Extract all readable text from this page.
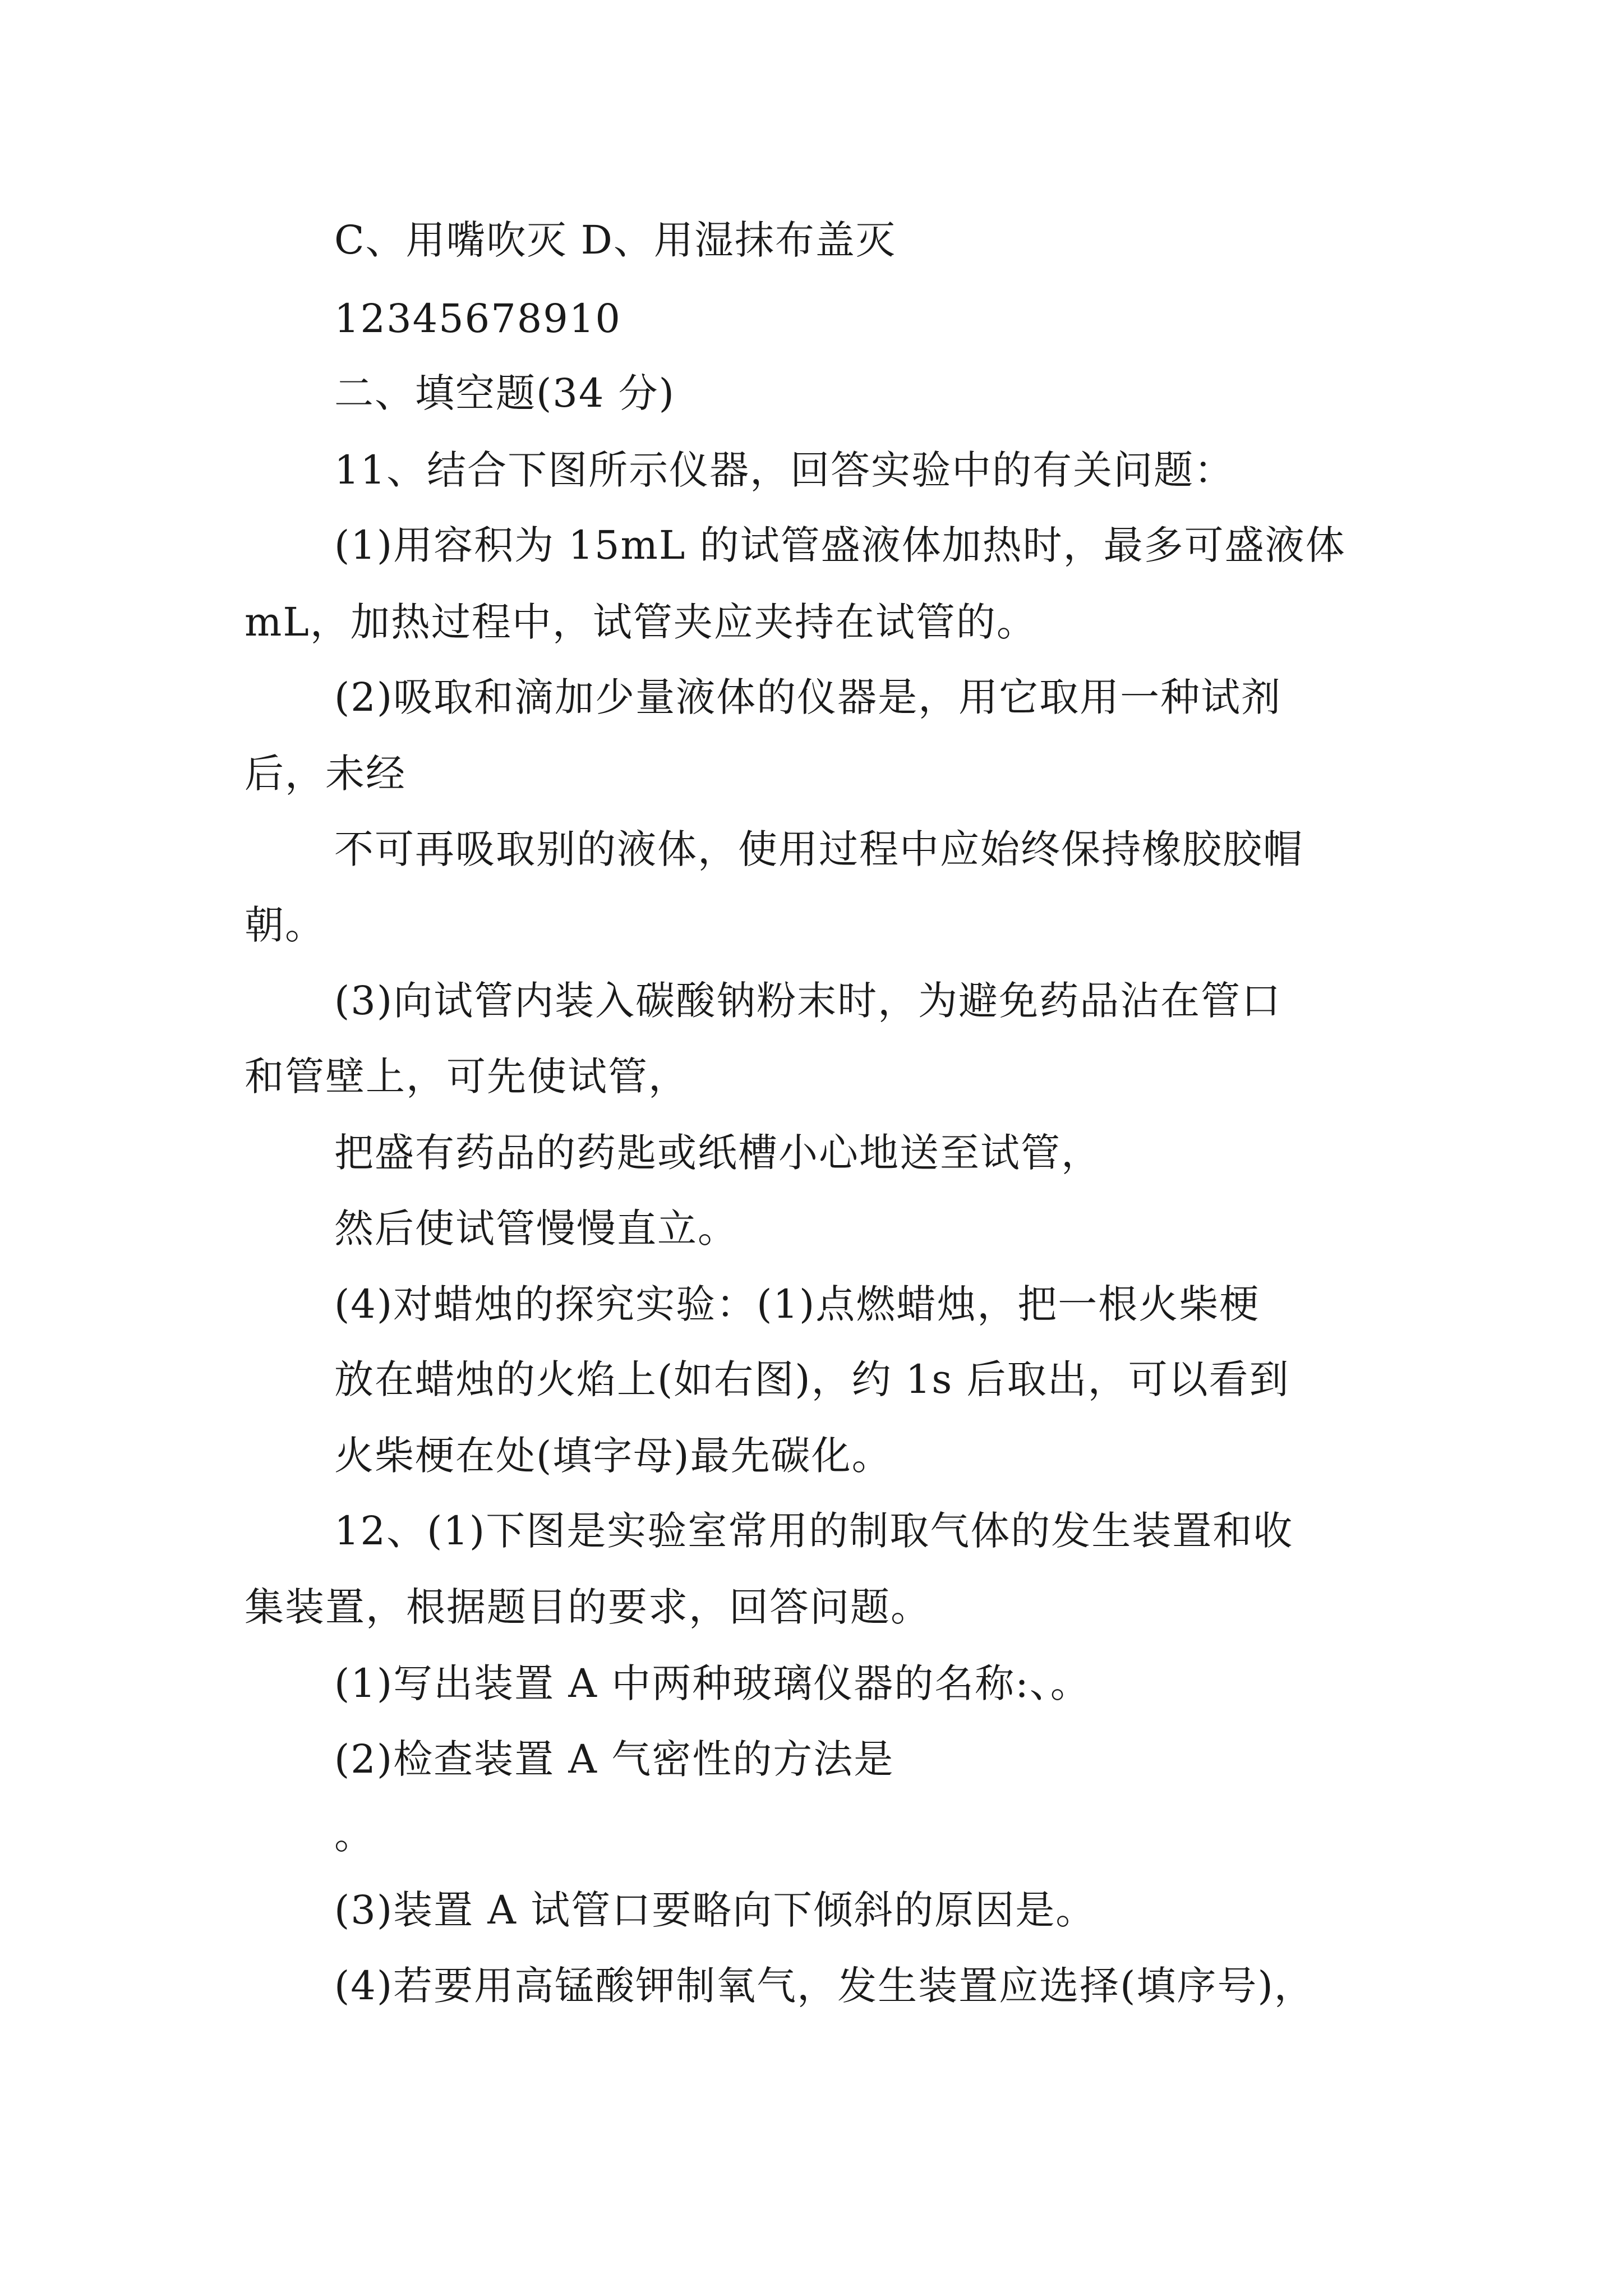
C、用嘴吹灭 D、用湿抹布盖灭
12345678910
二、填空题(34 分)
11、结合下图所示仪器，回答实验中的有关问题：
(1)用容积为 15mL 的试管盛液体加热时，最多可盛液体
mL，加热过程中，试管夹应夹持在试管的。
(2)吸取和滴加少量液体的仪器是，用它取用一种试剂
后，未经
不可再吸取别的液体，使用过程中应始终保持橡胶胶帽
朝。
(3)向试管内装入碳酸钠粉末时，为避免药品沾在管口
和管壁上，可先使试管，
把盛有药品的药匙或纸槽小心地送至试管，
然后使试管慢慢直立。
(4)对蜡烛的探究实验：(1)点燃蜡烛，把一根火柴梗
放在蜡烛的火焰上(如右图)，约 1s 后取出，可以看到
火柴梗在处(填字母)最先碳化。
12、(1)下图是实验室常用的制取气体的发生装置和收
集装置，根据题目的要求，回答问题。
(1)写出装置 A 中两种玻璃仪器的名称:、。
(2)检查装置 A 气密性的方法是
。
(3)装置 A 试管口要略向下倾斜的原因是。
(4)若要用高锰酸钾制氧气，发生装置应选择(填序号)，
